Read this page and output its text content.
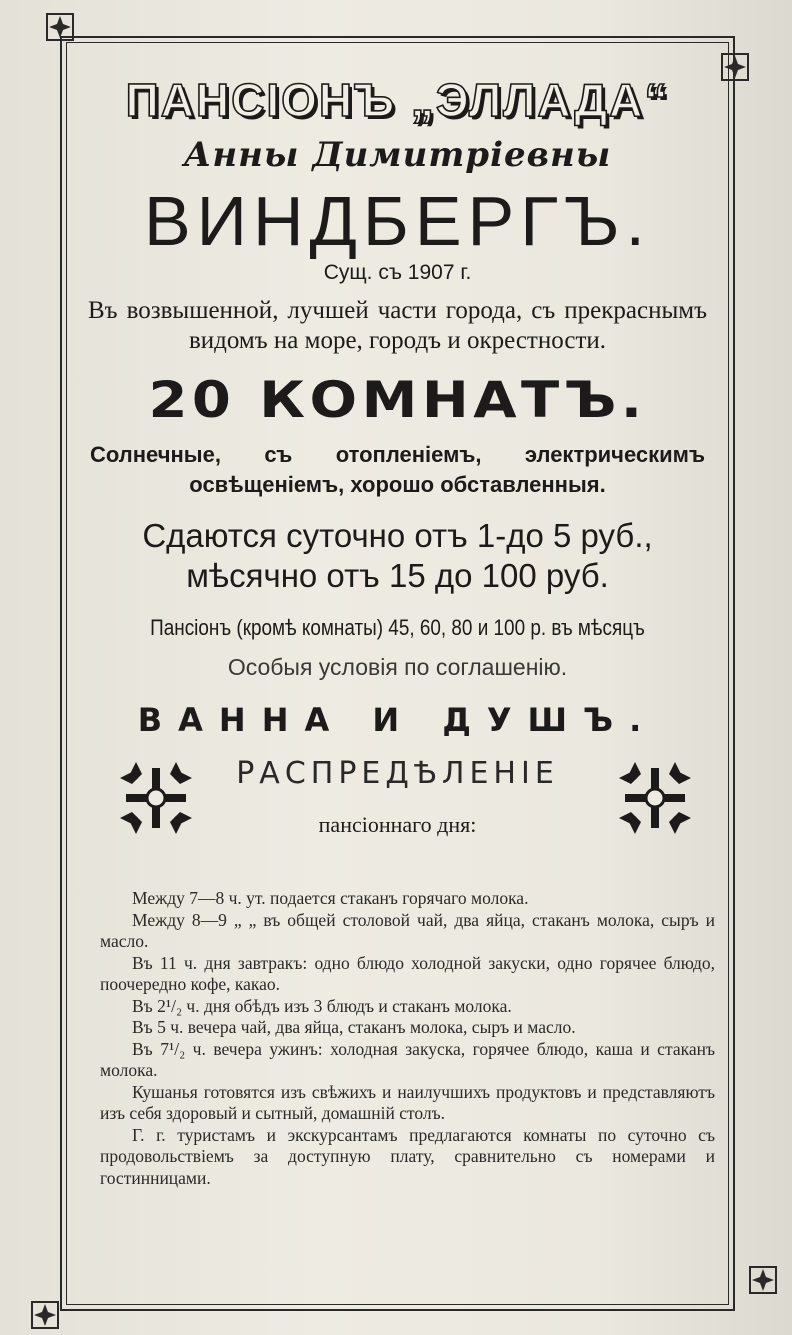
ПАНСІОНЪ „ЭЛЛАДА“
Анны Димитріевны
ВИНДБЕРГЪ.
Сущ. съ 1907 г.
Въ возвышенной, лучшей части города, съ прекраснымъ видомъ на море, городъ и окрестности.
20 КОМНАТЪ.
Солнечные, съ отопленіемъ, электрическимъ освѣщеніемъ, хорошо обставленныя.
Сдаются суточно отъ 1-до 5 руб.,
мѣсячно отъ 15 до 100 руб.
Пансіонъ (кромѣ комнаты) 45, 60, 80 и 100 р. въ мѣсяцъ
Особыя условія по соглашенію.
ВАННА И ДУШЪ.
РАСПРЕДѢЛЕНІЕ
пансіоннаго дня:

Между 7—8 ч. ут. подается стаканъ горячаго молока.

Между 8—9 „ „ въ общей столовой чай, два яйца, стаканъ молока, сыръ и масло.

Въ 11 ч. дня завтракъ: одно блюдо холодной закуски, одно горячее блюдо, поочередно кофе, какао.

Въ 2¹/₂ ч. дня обѣдъ изъ 3 блюдъ и стаканъ молока.

Въ 5 ч. вечера чай, два яйца, стаканъ молока, сыръ и масло.

Въ 7¹/₂ ч. вечера ужинъ: холодная закуска, горячее блюдо, каша и стаканъ молока.

Кушанья готовятся изъ свѣжихъ и наилучшихъ продуктовъ и представляютъ изъ себя здоровый и сытный, домашній столъ.

Г. г. туристамъ и экскурсантамъ предлагаются комнаты по суточно съ продовольствіемъ за доступную плату, сравнительно съ номерами и гостинницами.
